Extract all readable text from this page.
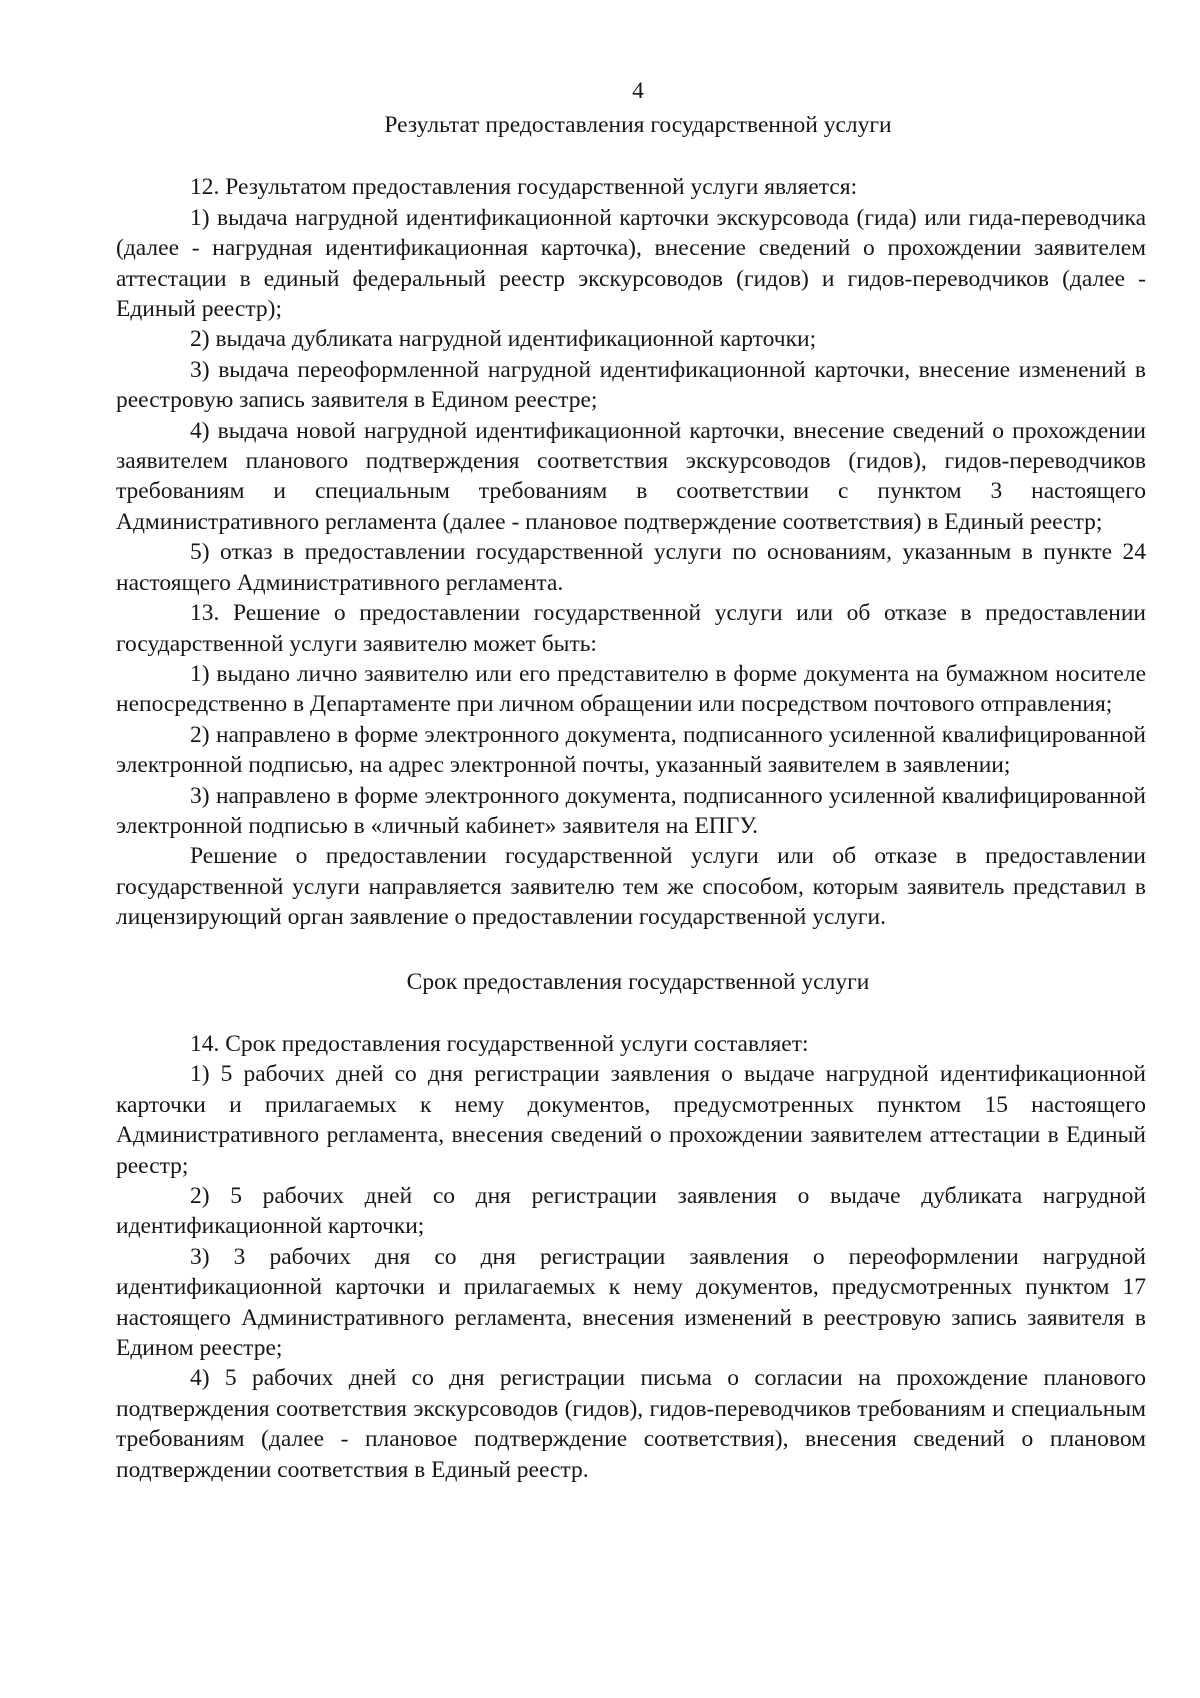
4

Результат предоставления государственной услуги

12. Результатом предоставления государственной услуги является:

1) выдача нагрудной идентификационной карточки экскурсовода (гида) или гида-переводчика (далее - нагрудная идентификационная карточка), внесение сведений о прохождении заявителем аттестации в единый федеральный реестр экскурсоводов (гидов) и гидов-переводчиков (далее - Единый реестр);

2) выдача дубликата нагрудной идентификационной карточки;

3) выдача переоформленной нагрудной идентификационной карточки, внесение изменений в реестровую запись заявителя в Едином реестре;

4) выдача новой нагрудной идентификационной карточки, внесение сведений о прохождении заявителем планового подтверждения соответствия экскурсоводов (гидов), гидов-переводчиков требованиям и специальным требованиям в соответствии с пунктом 3 настоящего Административного регламента (далее - плановое подтверждение соответствия) в Единый реестр;

5) отказ в предоставлении государственной услуги по основаниям, указанным в пункте 24 настоящего Административного регламента.

13. Решение о предоставлении государственной услуги или об отказе в предоставлении государственной услуги заявителю может быть:

1) выдано лично заявителю или его представителю в форме документа на бумажном носителе непосредственно в Департаменте при личном обращении или посредством почтового отправления;

2) направлено в форме электронного документа, подписанного усиленной квалифицированной электронной подписью, на адрес электронной почты, указанный заявителем в заявлении;

3) направлено в форме электронного документа, подписанного усиленной квалифицированной электронной подписью в «личный кабинет» заявителя на ЕПГУ.

Решение о предоставлении государственной услуги или об отказе в предоставлении государственной услуги направляется заявителю тем же способом, которым заявитель представил в лицензирующий орган заявление о предоставлении государственной услуги.

Срок предоставления государственной услуги

14. Срок предоставления государственной услуги составляет:

1) 5 рабочих дней со дня регистрации заявления о выдаче нагрудной идентификационной карточки и прилагаемых к нему документов, предусмотренных пунктом 15 настоящего Административного регламента, внесения сведений о прохождении заявителем аттестации в Единый реестр;

2) 5 рабочих дней со дня регистрации заявления о выдаче дубликата нагрудной идентификационной карточки;

3) 3 рабочих дня со дня регистрации заявления о переоформлении нагрудной идентификационной карточки и прилагаемых к нему документов, предусмотренных пунктом 17 настоящего Административного регламента, внесения изменений в реестровую запись заявителя в Едином реестре;

4) 5 рабочих дней со дня регистрации письма о согласии на прохождение планового подтверждения соответствия экскурсоводов (гидов), гидов-переводчиков требованиям и специальным требованиям (далее - плановое подтверждение соответствия), внесения сведений о плановом подтверждении соответствия в Единый реестр.
